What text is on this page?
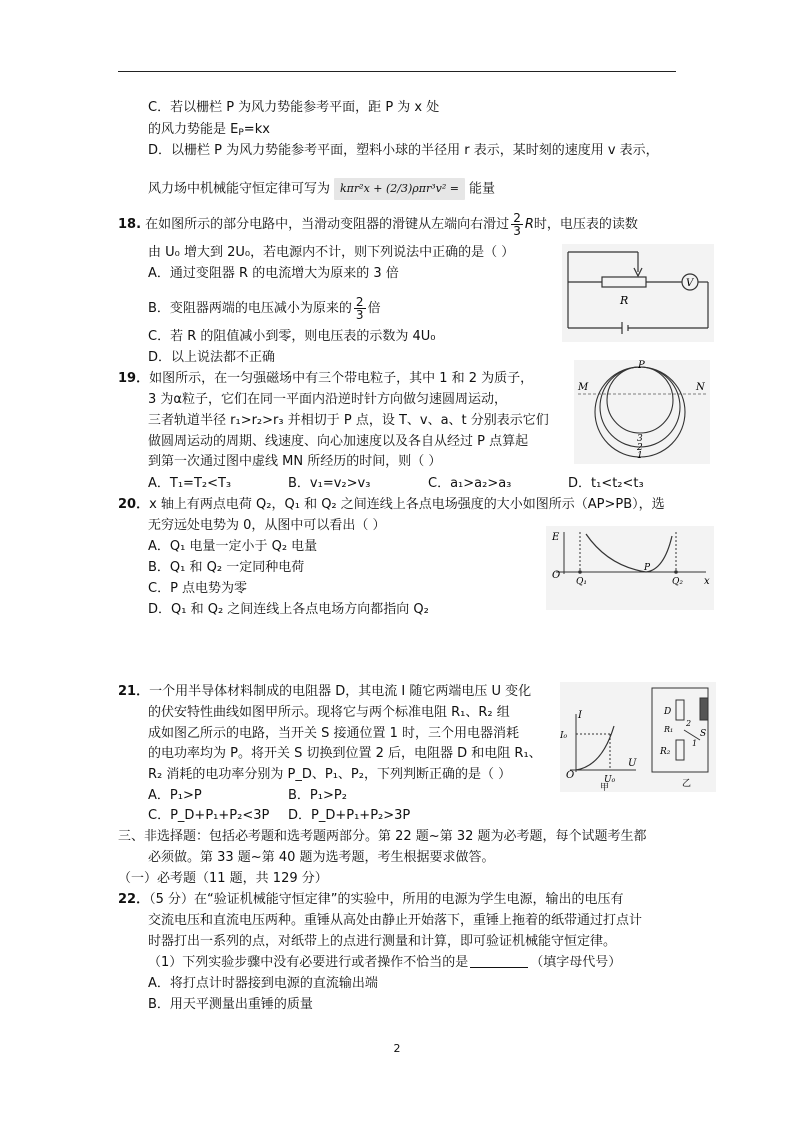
C．若以栅栏 P 为风力势能参考平面，距 P 为 x 处
的风力势能是 $E_P=kx$
D．以栅栏 P 为风力势能参考平面，塑料小球的半径用 r 表示，某时刻的速度用 v 表示，
风力场中机械能守恒定律可写为 kπr²x + (2/3)ρπr³v² = 能量
18. 在如图所示的部分电路中，当滑动变阻器的滑键从左端向右滑过 $\frac{2}{3}$ R时，电压表的读数
由 U₀ 增大到 2U₀，若电源内不计，则下列说法中正确的是（ ）
A．通过变阻器 R 的电流增大为原来的 3 倍
B．变阻器两端的电压减小为原来的 $\frac{2}{3}$ 倍
C．若 R 的阻值减小到零，则电压表的示数为 4U₀
D．以上说法都不正确
R
V
19．如图所示，在一匀强磁场中有三个带电粒子，其中 1 和 2 为质子，
3 为α粒子，它们在同一平面内沿逆时针方向做匀速圆周运动，
三者轨道半径 r₁>r₂>r₃ 并相切于 P 点，设 T、v、a、t 分别表示它们
做圆周运动的周期、线速度、向心加速度以及各自从经过 P 点算起
到第一次通过图中虚线 MN 所经历的时间，则（ ）
A．T₁=T₂<T₃	B．v₁=v₂>v₃	C．a₁>a₂>a₃	D．t₁<t₂<t₃
P
M	N
1
2
3
20．x 轴上有两点电荷 Q₂，Q₁ 和 Q₂ 之间连线上各点电场强度的大小如图所示（AP>PB），选
无穷远处电势为 0，从图中可以看出（ ）
A．Q₁ 电量一定小于 Q₂ 电量
B．Q₁ 和 Q₂ 一定同种电荷
C．P 点电势为零
D．Q₁ 和 Q₂ 之间连线上各点电场方向都指向 Q₂
E
O
x
Q₁	Q₂
P
21．一个用半导体材料制成的电阻器 D，其电流 I 随它两端电压 U 变化
的伏安特性曲线如图甲所示。现将它与两个标准电阻 R₁、R₂ 组
成如图乙所示的电路，当开关 S 接通位置 1 时，三个用电器消耗
的电功率均为 P。将开关 S 切换到位置 2 后，电阻器 D 和电阻 R₁、
R₂ 消耗的电功率分别为 P_D、P₁、P₂，下列判断正确的是（ ）
A．P₁>P	B．P₁>P₂
C．P_D+P₁+P₂<3P D．P_D+P₁+P₂>3P
I
U
O
I₀
U₀
甲
D
R₂
2
1
S
R₁
乙
三、非选择题：包括必考题和选考题两部分。第 22 题~第 32 题为必考题，每个试题考生都
必须做。第 33 题~第 40 题为选考题，考生根据要求做答。
（一）必考题（11 题，共 129 分）
22．（5 分）在“验证机械能守恒定律”的实验中，所用的电源为学生电源，输出的电压有
交流电压和直流电压两种。重锤从高处由静止开始落下，重锤上拖着的纸带通过打点计
时器打出一系列的点，对纸带上的点进行测量和计算，即可验证机械能守恒定律。
（1）下列实验步骤中没有必要进行或者操作不恰当的是	（填字母代号）
A．将打点计时器接到电源的直流输出端
B．用天平测量出重锤的质量
2
